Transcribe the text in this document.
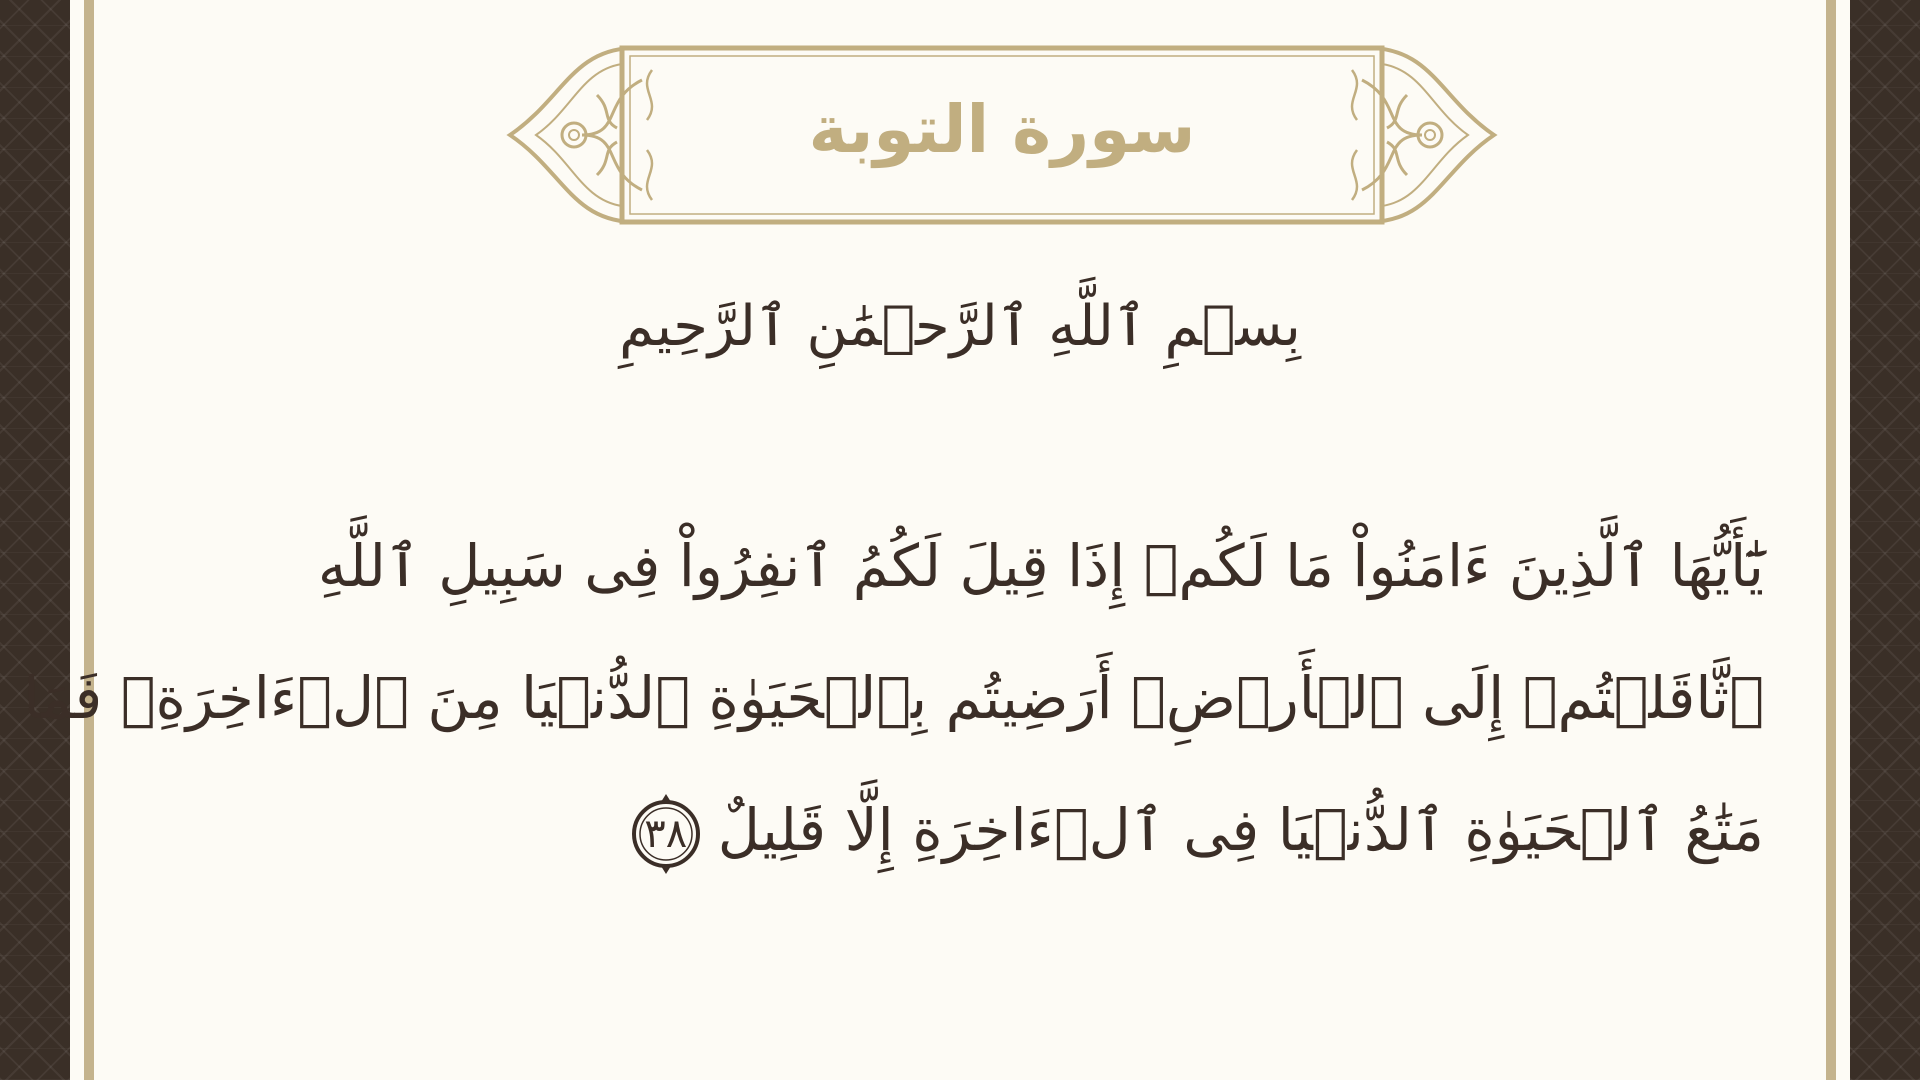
سورة التوبة
بِسۡمِ ٱللَّهِ ٱلرَّحۡمَٰنِ ٱلرَّحِيمِ
يَٰٓأَيُّهَا ٱلَّذِينَ ءَامَنُواْ مَا لَكُمۡ إِذَا قِيلَ لَكُمُ ٱنفِرُواْ فِى سَبِيلِ ٱللَّهِ
ٱثَّاقَلۡتُمۡ إِلَى ٱلۡأَرۡضِۚ أَرَضِيتُم بِٱلۡحَيَوٰةِ ٱلدُّنۡيَا مِنَ ٱلۡءَاخِرَةِۚ فَمَا
مَتَٰعُ ٱلۡحَيَوٰةِ ٱلدُّنۡيَا فِى ٱلۡءَاخِرَةِ إِلَّا قَلِيلٌ
٣٨
